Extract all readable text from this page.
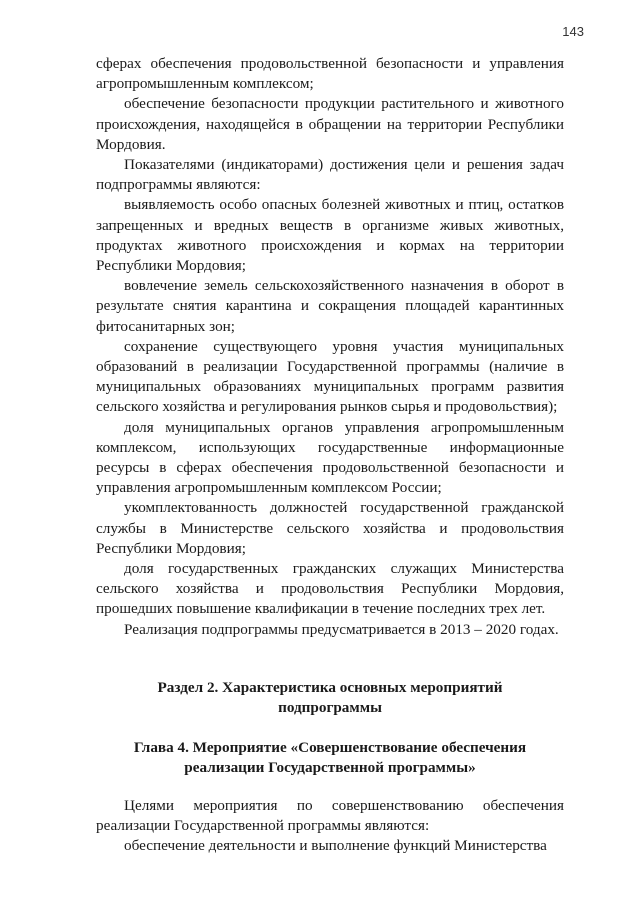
143

сферах обеспечения продовольственной безопасности и управления агропромышленным комплексом;

обеспечение безопасности продукции растительного и животного происхождения, находящейся в обращении на территории Республики Мордовия.

Показателями (индикаторами) достижения цели и решения задач подпрограммы являются:

выявляемость особо опасных болезней животных и птиц, остатков запрещенных и вредных веществ в организме живых животных, продуктах животного происхождения и кормах на территории Республики Мордовия;

вовлечение земель сельскохозяйственного назначения в оборот в результате снятия карантина и сокращения площадей карантинных фитосанитарных зон;

сохранение существующего уровня участия муниципальных образований в реализации Государственной программы (наличие в муниципальных образованиях муниципальных программ развития сельского хозяйства и регулирования рынков сырья и продовольствия);

доля муниципальных органов управления агропромышленным комплексом, использующих государственные информационные ресурсы в сферах обеспечения продовольственной безопасности и управления агропромышленным комплексом России;

укомплектованность должностей государственной гражданской службы в Министерстве сельского хозяйства и продовольствия Республики Мордовия;

доля государственных гражданских служащих Министерства сельского хозяйства и продовольствия Республики Мордовия, прошедших повышение квалификации в течение последних трех лет.

Реализация подпрограммы предусматривается в 2013 – 2020 годах.

Раздел 2. Характеристика основных мероприятий
подпрограммы
Глава 4. Мероприятие «Совершенствование обеспечения
реализации Государственной программы»

Целями мероприятия по совершенствованию обеспечения реализации Государственной программы являются:

обеспечение деятельности и выполнение функций Министерства
